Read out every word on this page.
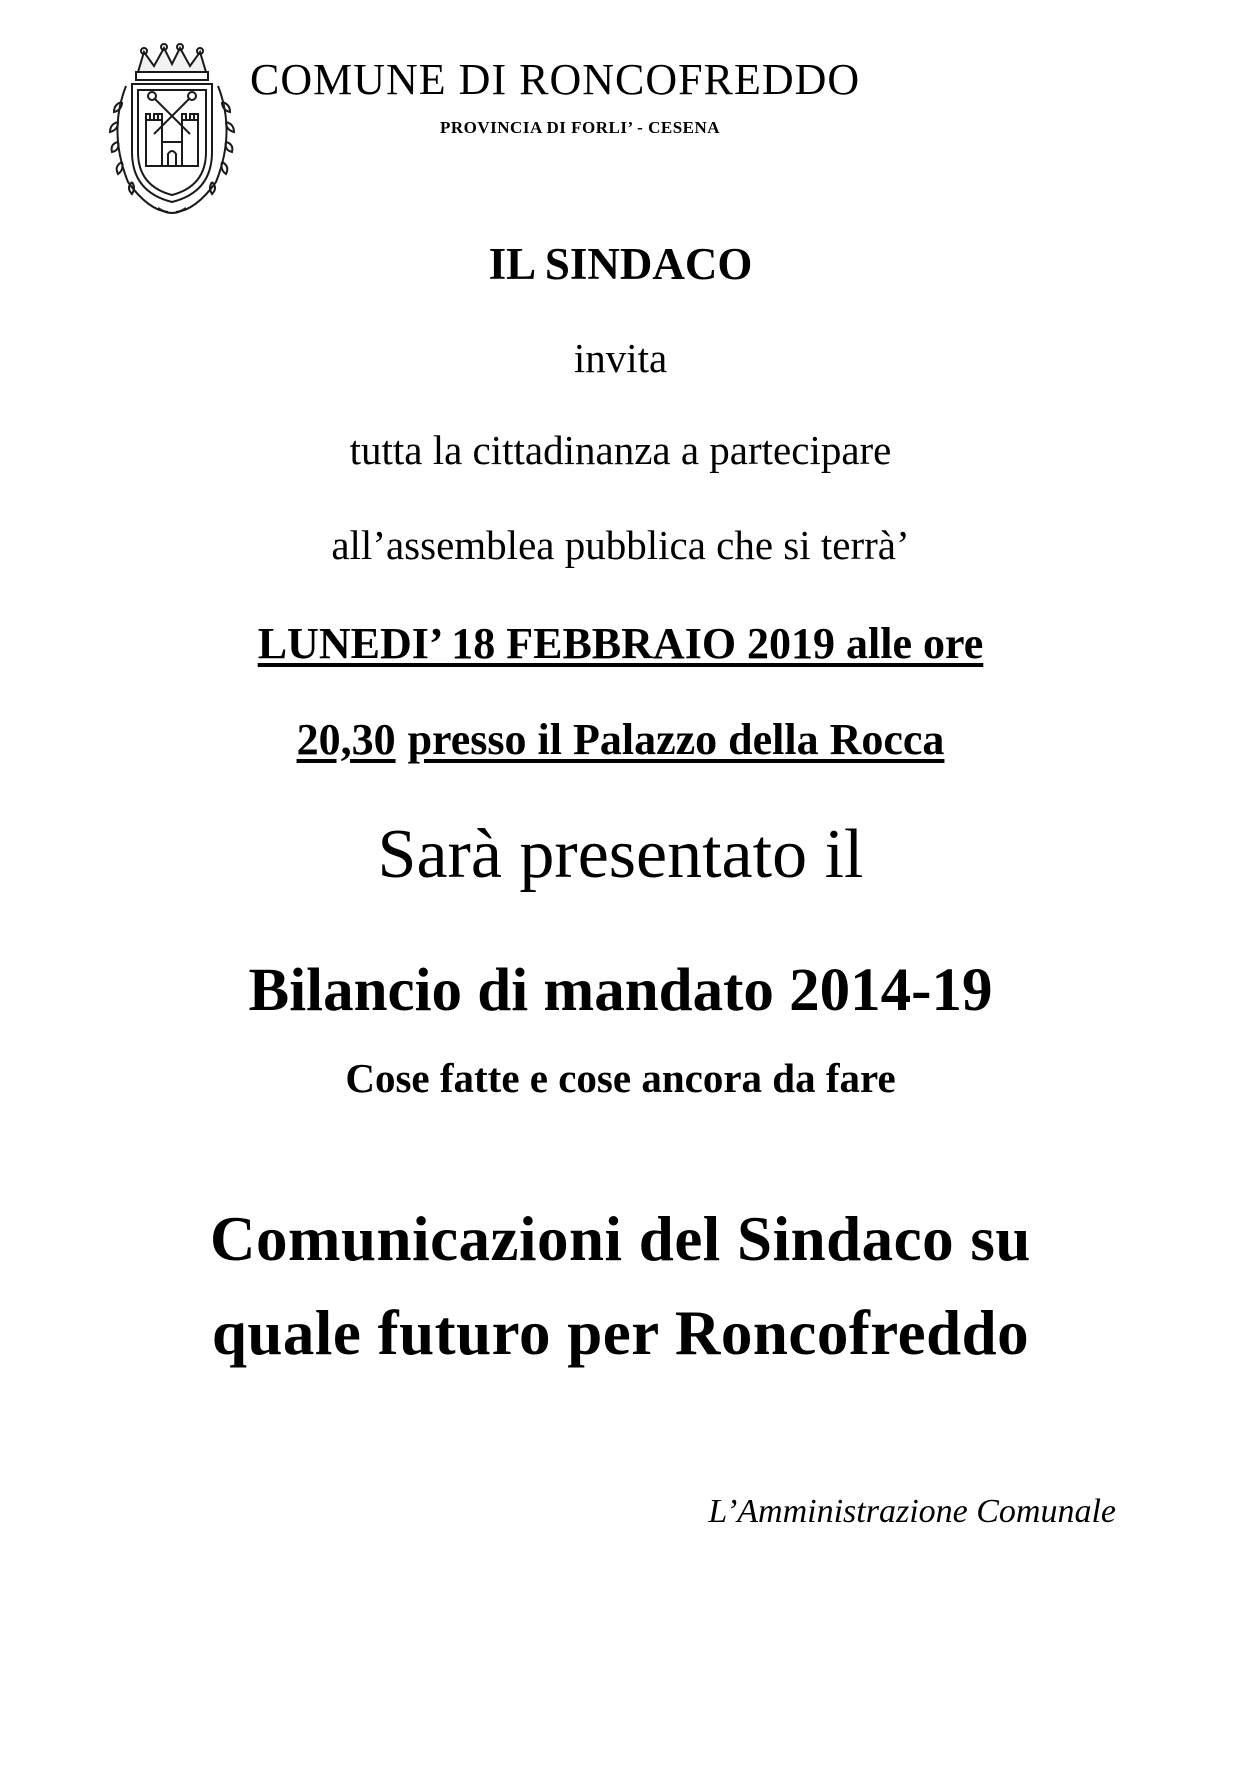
COMUNE DI RONCOFREDDO
PROVINCIA DI FORLI’ - CESENA
IL SINDACO
invita
tutta la cittadinanza a partecipare
all’assemblea pubblica che si terrà’
LUNEDI’ 18 FEBBRAIO 2019 alle ore
20,30 presso il Palazzo della Rocca
Sarà presentato il
Bilancio di mandato 2014-19
Cose fatte e cose ancora da fare
Comunicazioni del Sindaco su
quale futuro per Roncofreddo
L’Amministrazione Comunale
